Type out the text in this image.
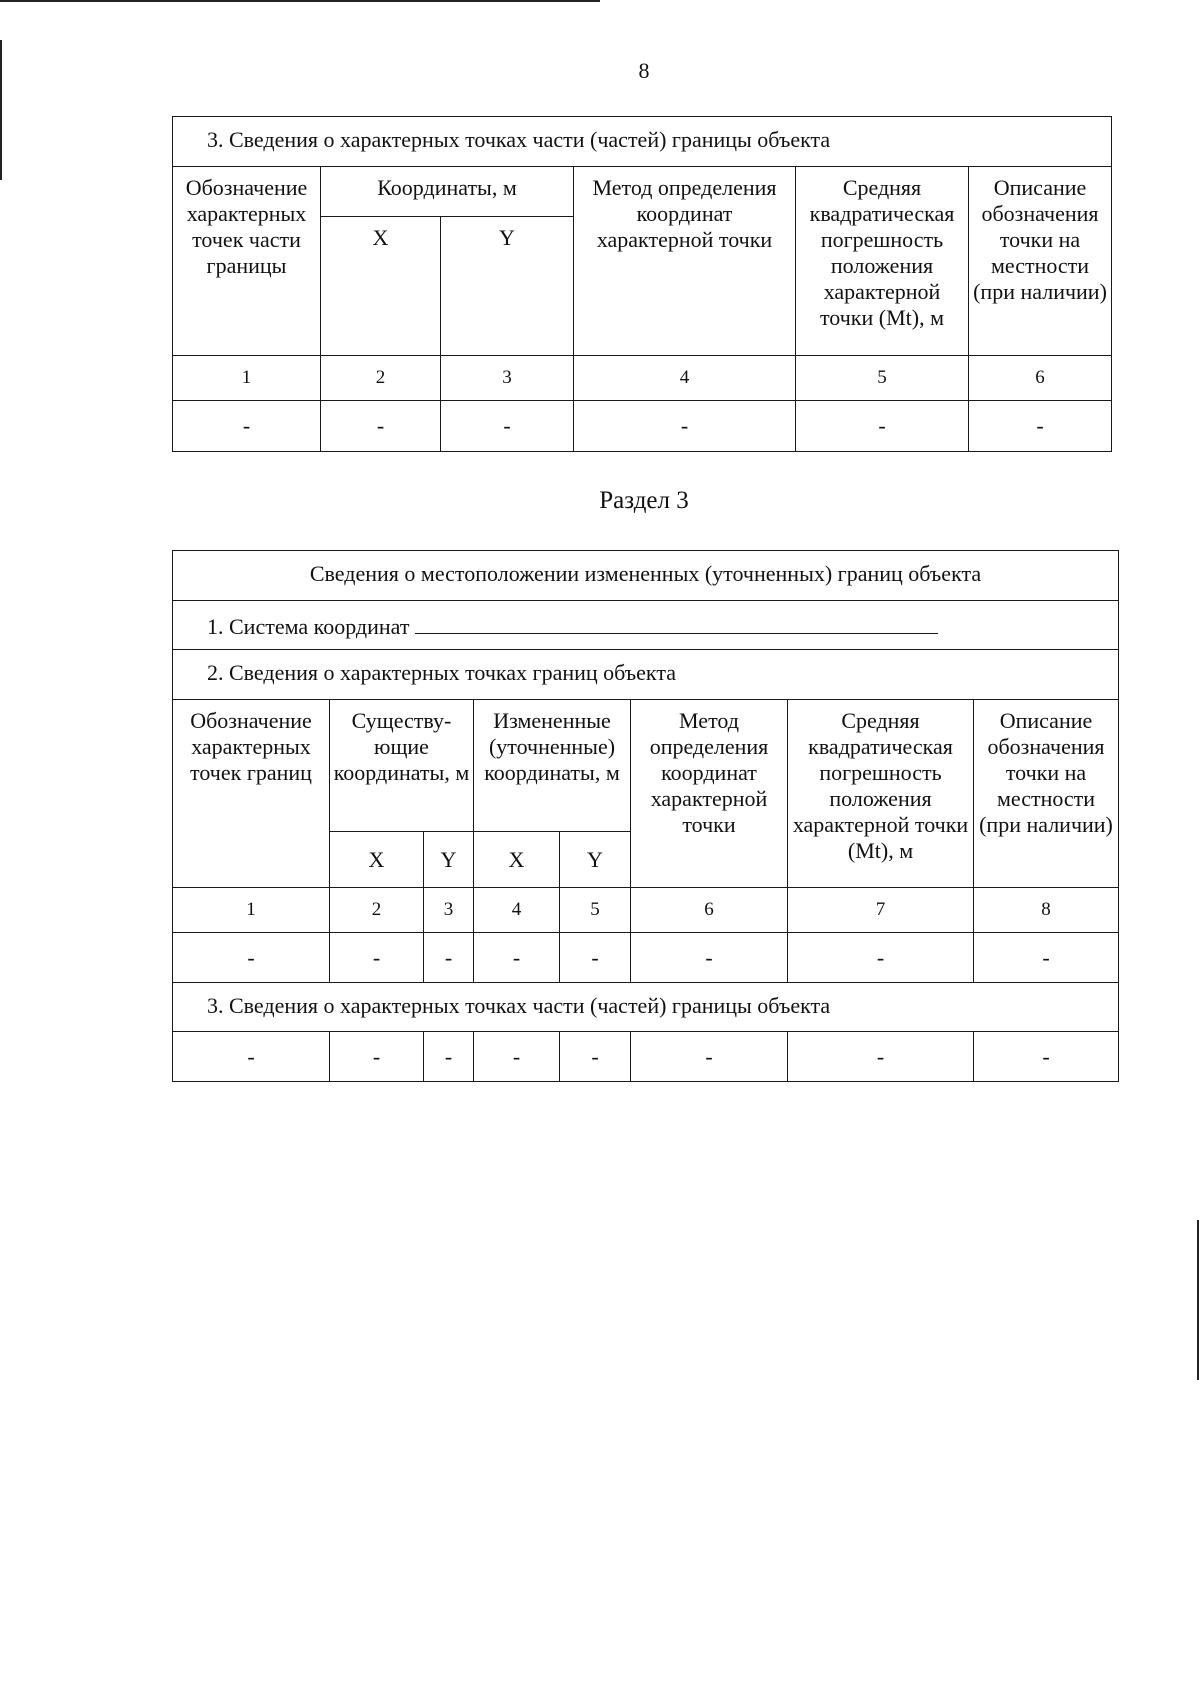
8
3. Сведения о характерных точках части (частей) границы объекта					
Обозначение характерных точек части границы	Координаты, м		Метод определения координат характерной точки	Средняя квадратическая погрешность положения характерной точки (Mt), м	Описание обозначения точки на местности (при наличии)
	X	Y			
1	2	3	4	5	6
-	-	-	-	-	-
Раздел 3
Сведения о местоположении измененных (уточненных) границ объекта							
1. Система координат							
2. Сведения о характерных точках границ объекта							
Обозначение характерных точек границ	Существу-ющие координаты, м		Измененные (уточненные) координаты, м		Метод определения координат характерной точки	Средняя квадратическая погрешность положения характерной точки (Mt), м	Описание обозначения точки на местности (при наличии)
	X	Y	X	Y			
1	2	3	4	5	6	7	8
-	-	-	-	-	-	-	-
3. Сведения о характерных точках части (частей) границы объекта							
-	-	-	-	-	-	-	-
